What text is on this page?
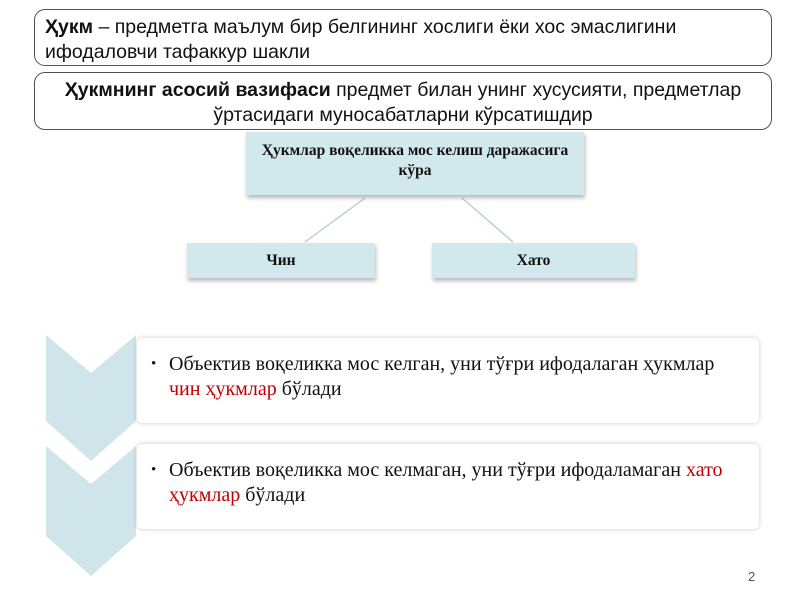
Ҳукм – предметга маълум бир белгининг хослиги ёки хос эмаслигини ифодаловчи тафаккур шакли
Ҳукмнинг асосий вазифаси предмет билан унинг хусусияти, предметлар ўртасидаги муносабатларни кўрсатишдир
Ҳукмлар воқеликка мос келиш даражасига кўра
Чин	Хато
• Объектив воқеликка мос келган, уни тўғри ифодалаган ҳукмлар чин ҳукмлар бўлади
• Объектив воқеликка мос келмаган, уни тўғри ифодаламаган хато ҳукмлар бўлади
2
